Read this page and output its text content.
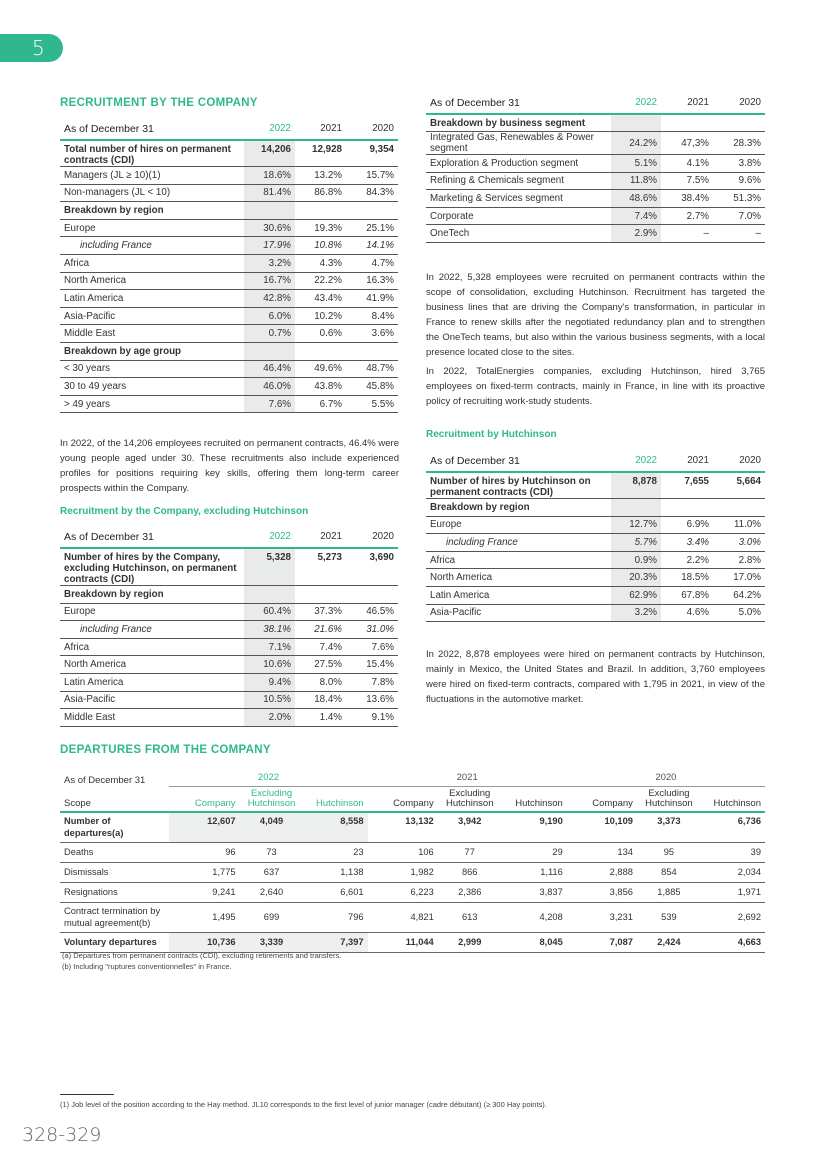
5
RECRUITMENT BY THE COMPANY
As of December 31	2022	2021	2020
Total number of hires on permanent contracts (CDI)	14,206	12,928	9,354
Managers (JL ≥ 10)(1)	18.6%	13.2%	15.7%
Non-managers (JL < 10)	81.4%	86.8%	84.3%
Breakdown by region			
Europe	30.6%	19.3%	25.1%
including France	17.9%	10.8%	14.1%
Africa	3.2%	4.3%	4.7%
North America	16.7%	22.2%	16.3%
Latin America	42.8%	43.4%	41.9%
Asia-Pacific	6.0%	10.2%	8.4%
Middle East	0.7%	0.6%	3.6%
Breakdown by age group			
< 30 years	46.4%	49.6%	48.7%
30 to 49 years	46.0%	43.8%	45.8%
> 49 years	7.6%	6.7%	5.5%

In 2022, of the 14,206 employees recruited on permanent contracts, 46.4% were young people aged under 30. These recruitments also include experienced profiles for positions requiring key skills, offering them long-term career prospects within the Company.

Recruitment by the Company, excluding Hutchinson
As of December 31	2022	2021	2020
Number of hires by the Company, excluding Hutchinson, on permanent contracts (CDI)	5,328	5,273	3,690
Breakdown by region			
Europe	60.4%	37.3%	46.5%
including France	38.1%	21.6%	31.0%
Africa	7.1%	7.4%	7.6%
North America	10.6%	27.5%	15.4%
Latin America	9.4%	8.0%	7.8%
Asia-Pacific	10.5%	18.4%	13.6%
Middle East	2.0%	1.4%	9.1%
As of December 31	2022	2021	2020
Breakdown by business segment			
Integrated Gas, Renewables & Power segment	24.2%	47,3%	28.3%
Exploration & Production segment	5.1%	4.1%	3.8%
Refining & Chemicals segment	11.8%	7.5%	9.6%
Marketing & Services segment	48.6%	38.4%	51.3%
Corporate	7.4%	2.7%	7.0%
OneTech	2.9%	–	–

In 2022, 5,328 employees were recruited on permanent contracts within the scope of consolidation, excluding Hutchinson. Recruitment has targeted the business lines that are driving the Company's transformation, in particular in France to renew skills after the negotiated redundancy plan and to strengthen the OneTech teams, but also within the various business segments, with a local presence located close to the sites.

In 2022, TotalEnergies companies, excluding Hutchinson, hired 3,765 employees on fixed-term contracts, mainly in France, in line with its proactive policy of recruiting work-study students.

Recruitment by Hutchinson
As of December 31	2022	2021	2020
Number of hires by Hutchinson on permanent contracts (CDI)	8,878	7,655	5,664
Breakdown by region			
Europe	12.7%	6.9%	11.0%
including France	5.7%	3.4%	3.0%
Africa	0.9%	2.2%	2.8%
North America	20.3%	18.5%	17.0%
Latin America	62.9%	67.8%	64.2%
Asia-Pacific	3.2%	4.6%	5.0%

In 2022, 8,878 employees were hired on permanent contracts by Hutchinson, mainly in Mexico, the United States and Brazil. In addition, 3,760 employees were hired on fixed-term contracts, compared with 1,795 in 2021, in view of the fluctuations in the automotive market.

DEPARTURES FROM THE COMPANY
As of December 31	2022			2021			2020		
Scope	Company	Excluding Hutchinson	Hutchinson	Company	Excluding Hutchinson	Hutchinson	Company	Excluding Hutchinson	Hutchinson
Number of departures(a)	12,607	4,049	8,558	13,132	3,942	9,190	10,109	3,373	6,736
Deaths	96	73	23	106	77	29	134	95	39
Dismissals	1,775	637	1,138	1,982	866	1,116	2,888	854	2,034
Resignations	9,241	2,640	6,601	6,223	2,386	3,837	3,856	1,885	1,971
Contract termination by mutual agreement(b)	1,495	699	796	4,821	613	4,208	3,231	539	2,692
Voluntary departures	10,736	3,339	7,397	11,044	2,999	8,045	7,087	2,424	4,663
(a) Departures from permanent contracts (CDI), excluding retirements and transfers.
(b) Including "ruptures conventionnelles" in France.
(1) Job level of the position according to the Hay method. JL10 corresponds to the first level of junior manager (cadre débutant) (≥ 300 Hay points).
328-329
